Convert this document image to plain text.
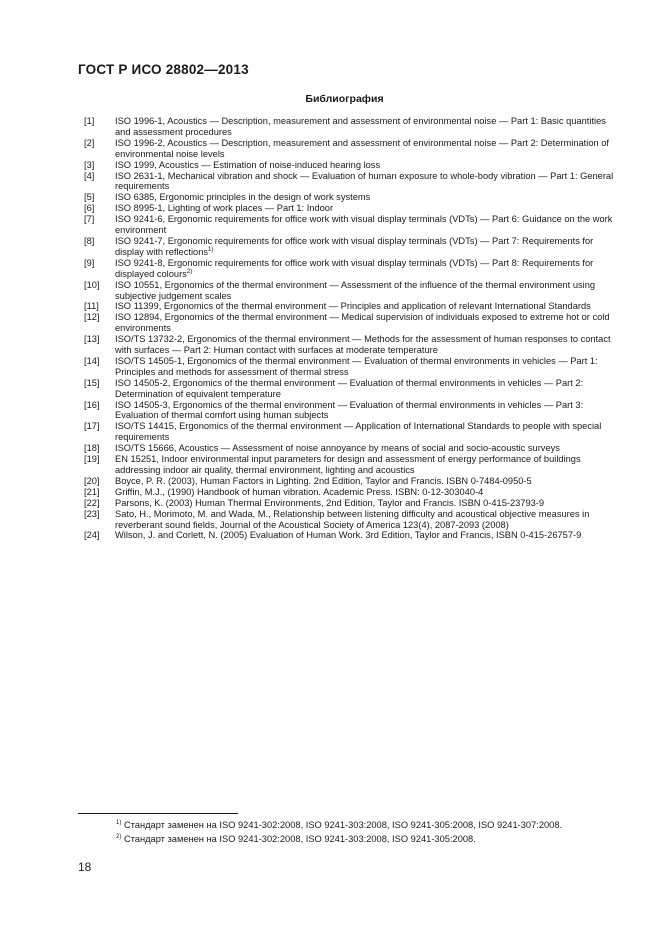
ГОСТ Р ИСО 28802—2013
Библиография
[1]	ISO 1996-1, Acoustics — Description, measurement and assessment of environmental noise — Part 1: Basic quantities and assessment procedures
[2]	ISO 1996-2, Acoustics — Description, measurement and assessment of environmental noise — Part 2: Determination of environmental noise levels
[3]	ISO 1999, Acoustics — Estimation of noise-induced hearing loss
[4]	ISO 2631-1, Mechanical vibration and shock — Evaluation of human exposure to whole-body vibration — Part 1: General requirements
[5]	ISO 6385, Ergonomic principles in the design of work systems
[6]	ISO 8995-1, Lighting of work places — Part 1: Indoor
[7]	ISO 9241-6, Ergonomic requirements for office work with visual display terminals (VDTs) — Part 6: Guidance on the work environment
[8]	ISO 9241-7, Ergonomic requirements for office work with visual display terminals (VDTs) — Part 7: Requirements for display with reflections$^{1)}$
[9]	ISO 9241-8, Ergonomic requirements for office work with visual display terminals (VDTs) — Part 8: Requirements for displayed colours$^{2)}$
[10]	ISO 10551, Ergonomics of the thermal environment — Assessment of the influence of the thermal environment using subjective judgement scales
[11]	ISO 11399, Ergonomics of the thermal environment — Principles and application of relevant International Standards
[12]	ISO 12894, Ergonomics of the thermal environment — Medical supervision of individuals exposed to extreme hot or cold environments
[13]	ISO/TS 13732-2, Ergonomics of the thermal environment — Methods for the assessment of human responses to contact with surfaces — Part 2: Human contact with surfaces at moderate temperature
[14]	ISO/TS 14505-1, Ergonomics of the thermal environment — Evaluation of thermal environments in vehicles — Part 1: Principles and methods for assessment of thermal stress
[15]	ISO 14505-2, Ergonomics of the thermal environment — Evaluation of thermal environments in vehicles — Part 2: Determination of equivalent temperature
[16]	ISO 14505-3, Ergonomics of the thermal environment — Evaluation of thermal environments in vehicles — Part 3: Evaluation of thermal comfort using human subjects
[17]	ISO/TS 14415, Ergonomics of the thermal environment — Application of International Standards to people with special requirements
[18]	ISO/TS 15666, Acoustics — Assessment of noise annoyance by means of social and socio-acoustic surveys
[19]	EN 15251, Indoor environmental input parameters for design and assessment of energy performance of buildings addressing indoor air quality, thermal environment, lighting and acoustics
[20]	Boyce, P. R. (2003), Human Factors in Lighting. 2nd Edition, Taylor and Francis. ISBN 0-7484-0950-5
[21]	Griffin, M.J., (1990) Handbook of human vibration. Academic Press. ISBN: 0-12-303040-4
[22]	Parsons, K. (2003) Human Thermal Environments, 2nd Edition, Taylor and Francis. ISBN 0-415-23793-9
[23]	Sato, H., Morimoto, M. and Wada, M., Relationship between listening difficulty and acoustical objective measures in reverberant sound fields, Journal of the Acoustical Society of America 123(4), 2087-2093 (2008)
[24]	Wilson, J. and Corlett, N. (2005) Evaluation of Human Work. 3rd Edition, Taylor and Francis, ISBN 0-415-26757-9
$^{1)}$ Стандарт заменен на ISO 9241-302:2008, ISO 9241-303:2008, ISO 9241-305:2008, ISO 9241-307:2008.
$^{2)}$ Стандарт заменен на ISO 9241-302:2008, ISO 9241-303:2008, ISO 9241-305:2008.
18
